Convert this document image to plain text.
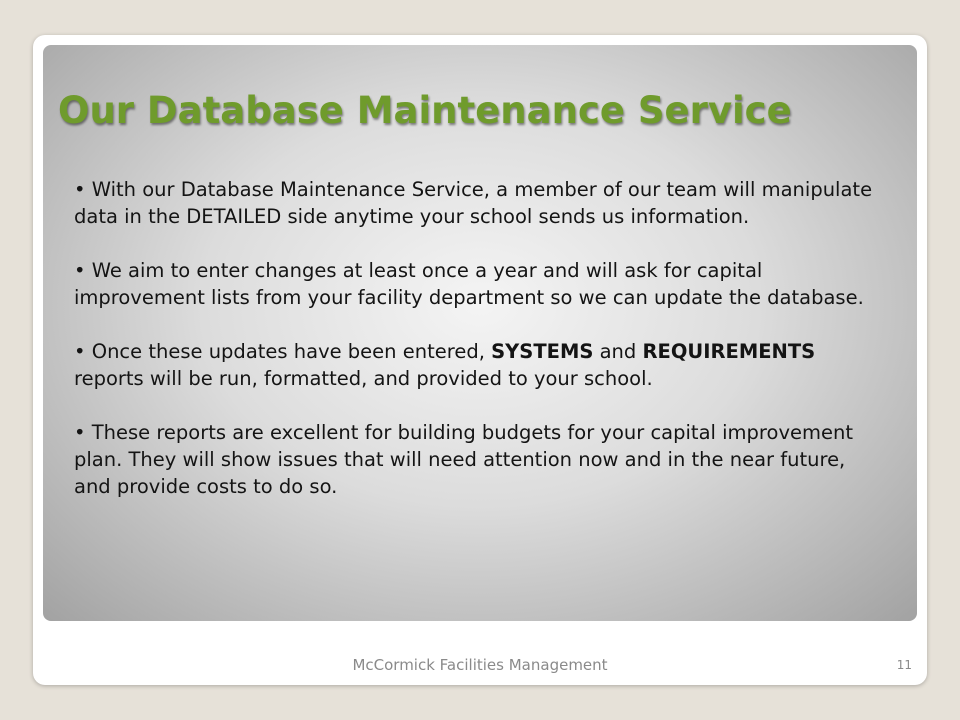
Our Database Maintenance Service

• With our Database Maintenance Service, a member of our team will manipulate data in the DETAILED side anytime your school sends us information.

• We aim to enter changes at least once a year and will ask for capital improvement lists from your facility department so we can update the database.

• Once these updates have been entered, SYSTEMS and REQUIREMENTS reports will be run, formatted, and provided to your school.

• These reports are excellent for building budgets for your capital improvement plan. They will show issues that will need attention now and in the near future, and provide costs to do so.

McCormick Facilities Management	11
